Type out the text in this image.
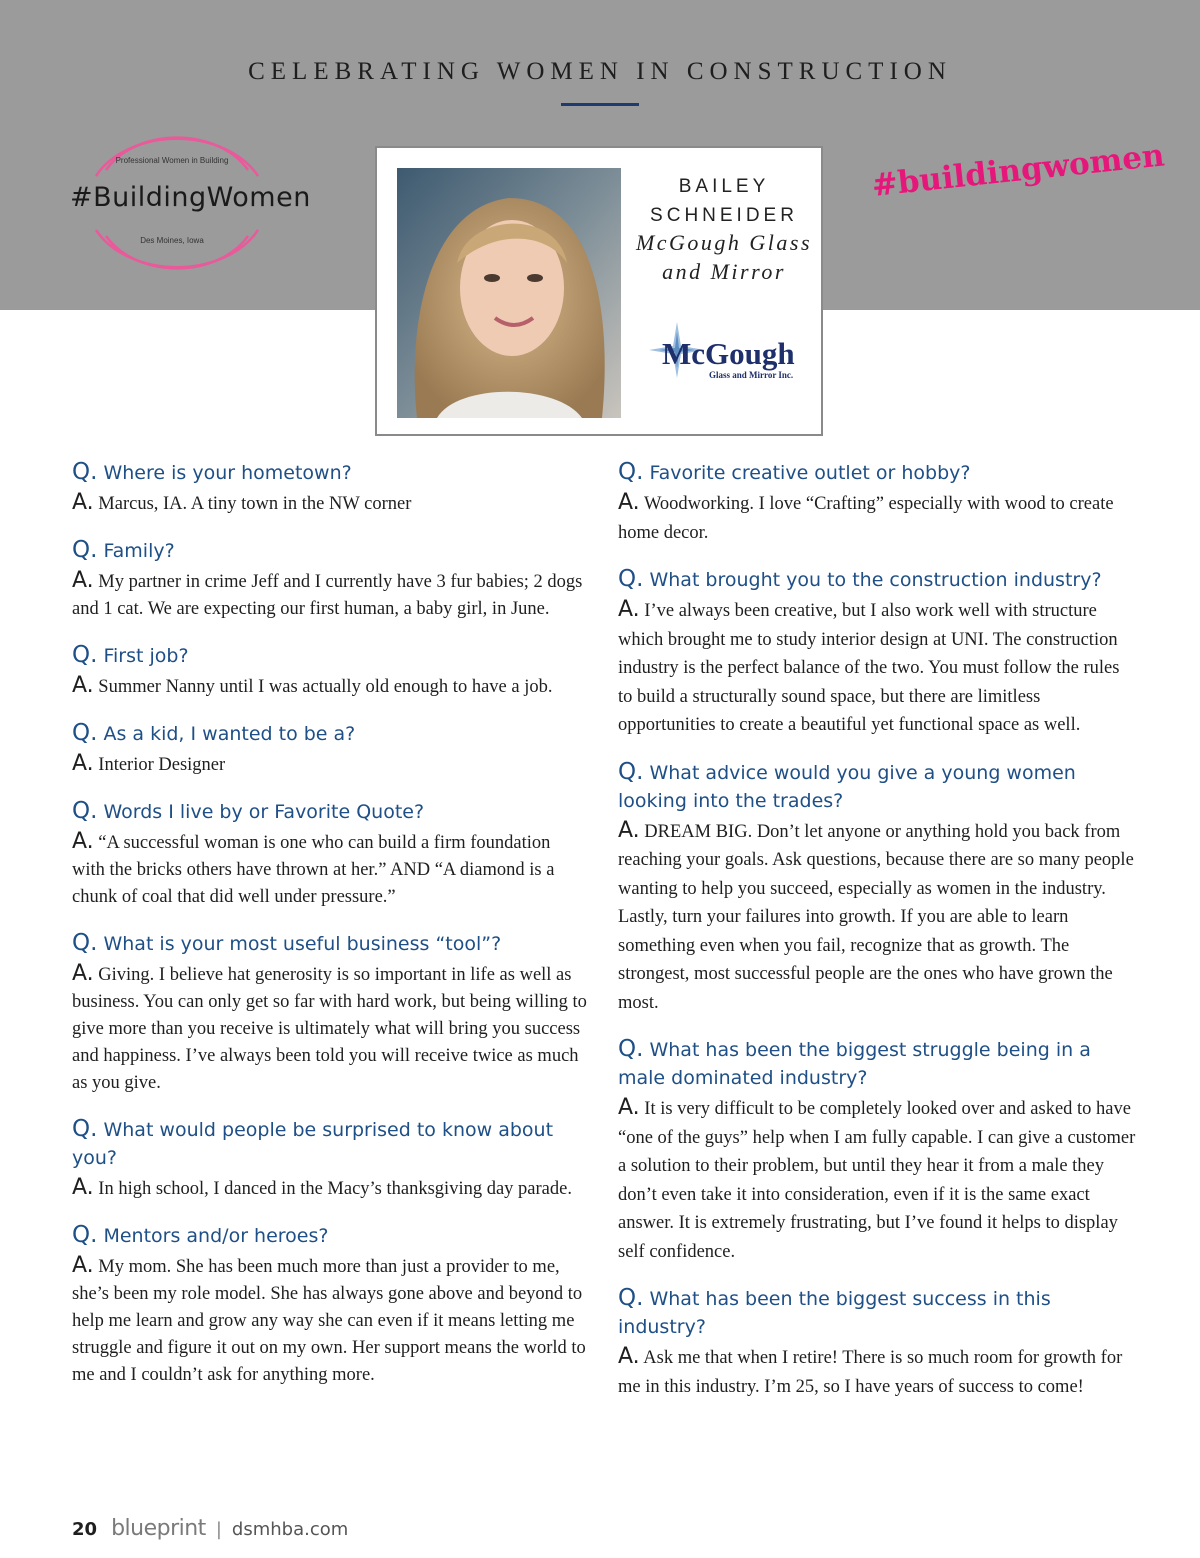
CELEBRATING WOMEN IN CONSTRUCTION
Professional Women in Building
#BuildingWomen
Des Moines, Iowa
#buildingwomen
BAILEY
SCHNEIDER
McGough Glass
and Mirror
McGough
Glass and Mirror Inc.

Q. Where is your hometown?

A. Marcus, IA. A tiny town in the NW corner

Q. Family?

A. My partner in crime Jeff and I currently have 3 fur babies; 2 dogs and 1 cat. We are expecting our first human, a baby girl, in June.

Q. First job?

A. Summer Nanny until I was actually old enough to have a job.

Q. As a kid, I wanted to be a?

A. Interior Designer

Q. Words I live by or Favorite Quote?

A. “A successful woman is one who can build a firm foundation with the bricks others have thrown at her.” AND “A diamond is a chunk of coal that did well under pressure.”

Q. What is your most useful business “tool”?

A. Giving. I believe hat generosity is so important in life as well as business. You can only get so far with hard work, but being willing to give more than you receive is ultimately what will bring you success and happiness. I’ve always been told you will receive twice as much as you give.

Q. What would people be surprised to know about you?

A. In high school, I danced in the Macy’s thanksgiving day parade.

Q. Mentors and/or heroes?

A. My mom. She has been much more than just a provider to me, she’s been my role model. She has always gone above and beyond to help me learn and grow any way she can even if it means letting me struggle and figure it out on my own. Her support means the world to me and I couldn’t ask for anything more.

Q. Favorite creative outlet or hobby?

A. Woodworking. I love “Crafting” especially with wood to create home decor.

Q. What brought you to the construction industry?

A. I’ve always been creative, but I also work well with structure which brought me to study interior design at UNI. The construction industry is the perfect balance of the two. You must follow the rules to build a structurally sound space, but there are limitless opportunities to create a beautiful yet functional space as well.

Q. What advice would you give a young women looking into the trades?

A. DREAM BIG. Don’t let anyone or anything hold you back from reaching your goals. Ask questions, because there are so many people wanting to help you succeed, especially as women in the industry. Lastly, turn your failures into growth. If you are able to learn something even when you fail, recognize that as growth. The strongest, most successful people are the ones who have grown the most.

Q. What has been the biggest struggle being in a male dominated industry?

A. It is very difficult to be completely looked over and asked to have “one of the guys” help when I am fully capable. I can give a customer a solution to their problem, but until they hear it from a male they don’t even take it into consideration, even if it is the same exact answer. It is extremely frustrating, but I’ve found it helps to display self confidence.

Q. What has been the biggest success in this industry?

A. Ask me that when I retire! There is so much room for growth for me in this industry. I’m 25, so I have years of success to come!

20 blueprint | dsmhba.com
